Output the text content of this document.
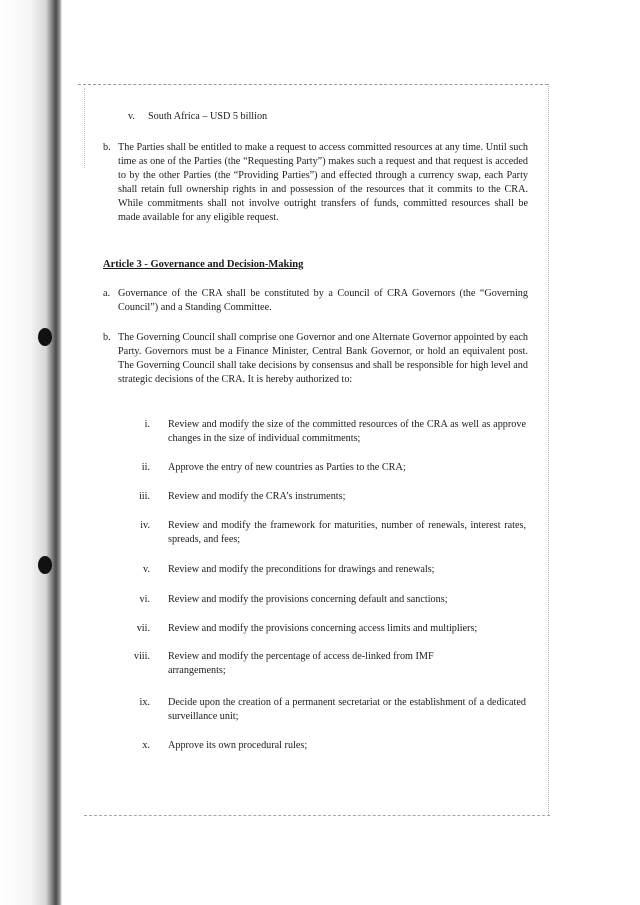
v. South Africa – USD 5 billion
b. The Parties shall be entitled to make a request to access committed resources at any time. Until such time as one of the Parties (the “Requesting Party”) makes such a request and that request is acceded to by the other Parties (the “Providing Parties”) and effected through a currency swap, each Party shall retain full ownership rights in and possession of the resources that it commits to the CRA. While commitments shall not involve outright transfers of funds, committed resources shall be made available for any eligible request.
Article 3 - Governance and Decision-Making
a. Governance of the CRA shall be constituted by a Council of CRA Governors (the “Governing Council”) and a Standing Committee.
b. The Governing Council shall comprise one Governor and one Alternate Governor appointed by each Party. Governors must be a Finance Minister, Central Bank Governor, or hold an equivalent post. The Governing Council shall take decisions by consensus and shall be responsible for high level and strategic decisions of the CRA. It is hereby authorized to:
i. Review and modify the size of the committed resources of the CRA as well as approve changes in the size of individual commitments;
ii. Approve the entry of new countries as Parties to the CRA;
iii. Review and modify the CRA’s instruments;
iv. Review and modify the framework for maturities, number of renewals, interest rates, spreads, and fees;
v. Review and modify the preconditions for drawings and renewals;
vi. Review and modify the provisions concerning default and sanctions;
vii. Review and modify the provisions concerning access limits and multipliers;
viii. Review and modify the percentage of access de-linked from IMF arrangements;
ix. Decide upon the creation of a permanent secretariat or the establishment of a dedicated surveillance unit;
x. Approve its own procedural rules;
